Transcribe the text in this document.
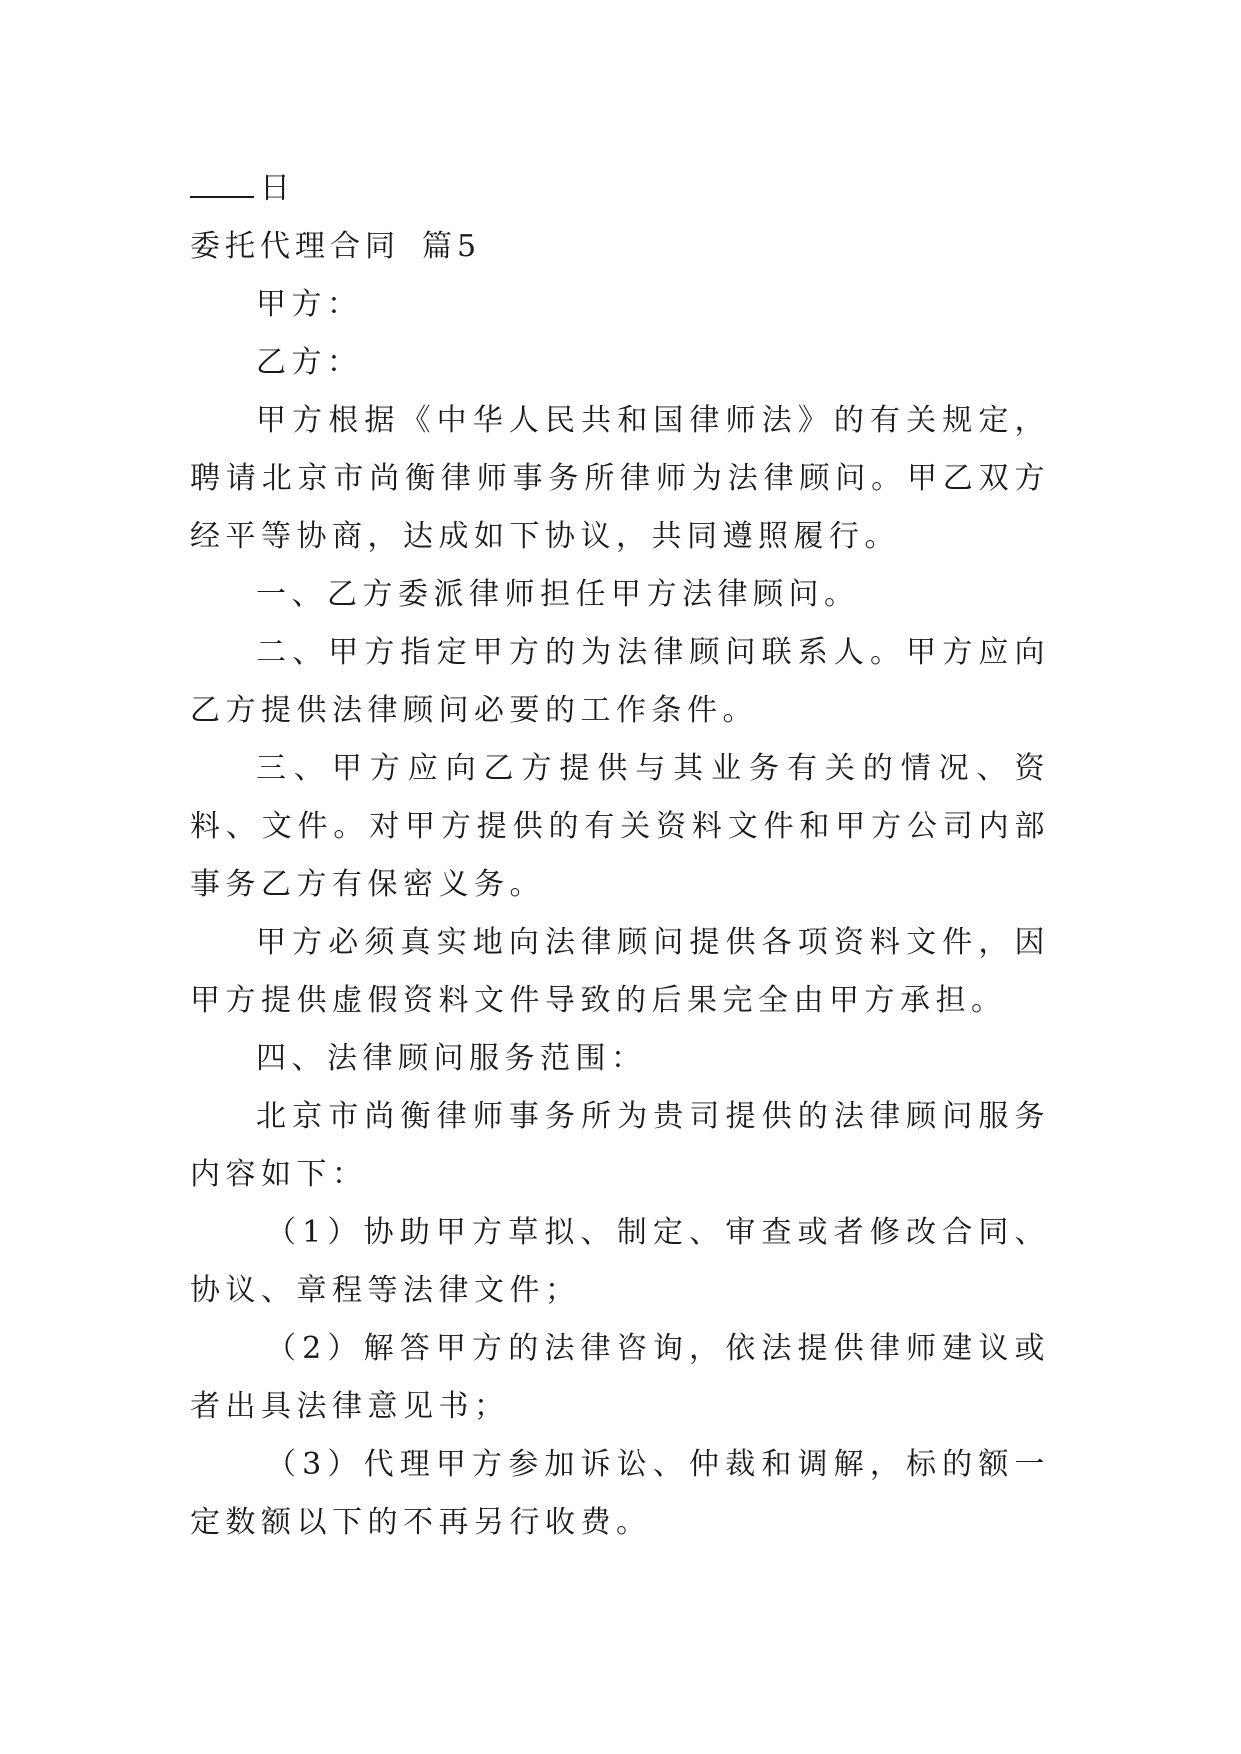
日

委托代理合同 篇5

甲方：

乙方：

甲方根据《中华人民共和国律师法》的有关规定，聘请北京市尚衡律师事务所律师为法律顾问。甲乙双方经平等协商，达成如下协议，共同遵照履行。

一、乙方委派律师担任甲方法律顾问。

二、甲方指定甲方的为法律顾问联系人。甲方应向乙方提供法律顾问必要的工作条件。

三、甲方应向乙方提供与其业务有关的情况、资料、文件。对甲方提供的有关资料文件和甲方公司内部事务乙方有保密义务。

甲方必须真实地向法律顾问提供各项资料文件，因甲方提供虚假资料文件导致的后果完全由甲方承担。

四、法律顾问服务范围：

北京市尚衡律师事务所为贵司提供的法律顾问服务内容如下：

（1）协助甲方草拟、制定、审查或者修改合同、协议、章程等法律文件；

（2）解答甲方的法律咨询，依法提供律师建议或者出具法律意见书；

（3）代理甲方参加诉讼、仲裁和调解，标的额一定数额以下的不再另行收费。
